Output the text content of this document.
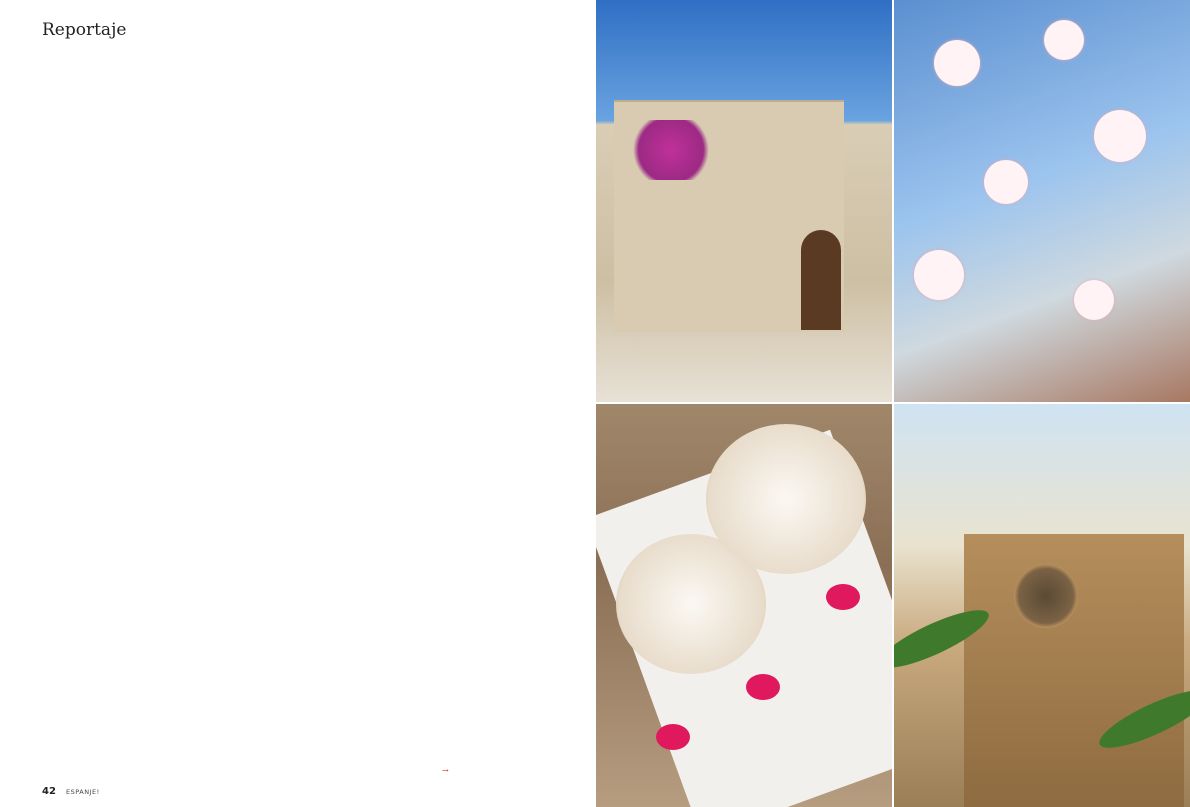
Reportaje

→
42 ESPANJE!
